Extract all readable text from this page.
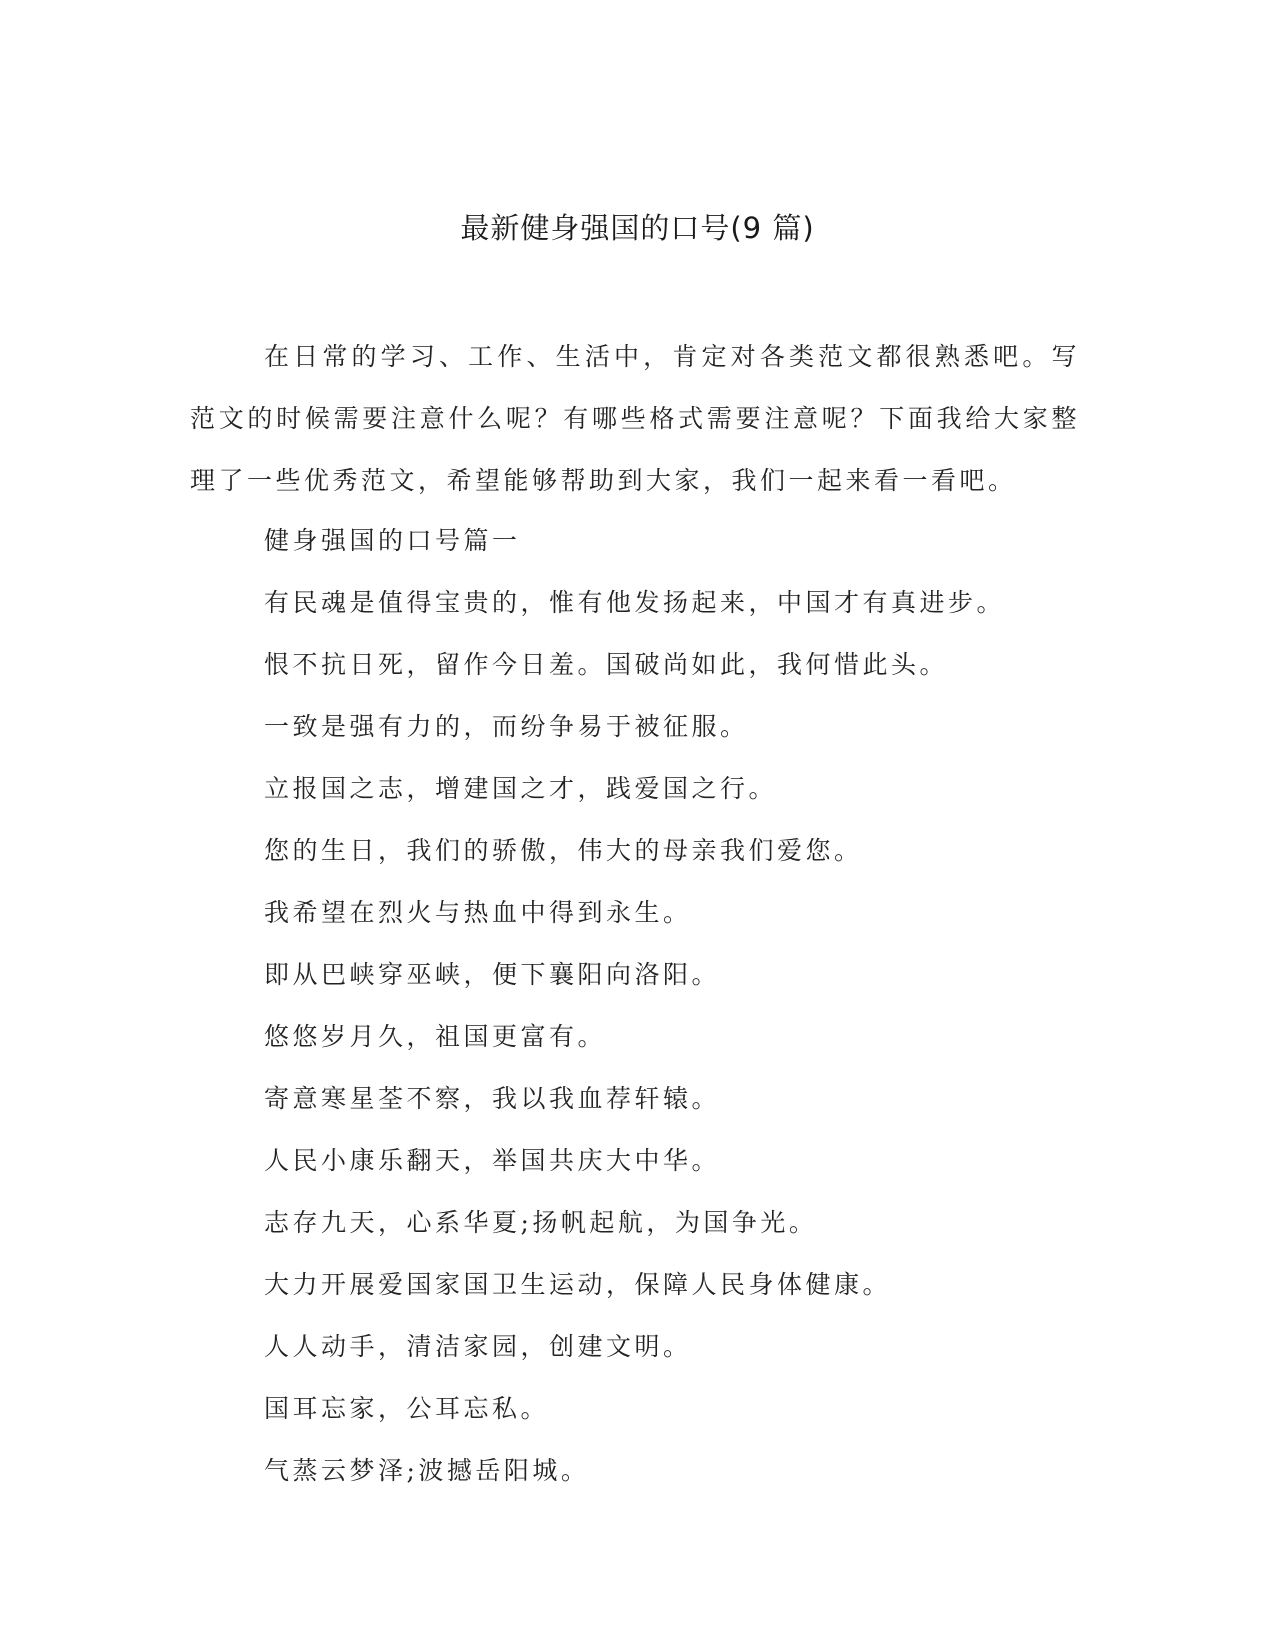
最新健身强国的口号(9 篇)

在日常的学习、工作、生活中，肯定对各类范文都很熟悉吧。写范文的时候需要注意什么呢？有哪些格式需要注意呢？下面我给大家整理了一些优秀范文，希望能够帮助到大家，我们一起来看一看吧。

健身强国的口号篇一
有民魂是值得宝贵的，惟有他发扬起来，中国才有真进步。
恨不抗日死，留作今日羞。国破尚如此，我何惜此头。
一致是强有力的，而纷争易于被征服。
立报国之志，增建国之才，践爱国之行。
您的生日，我们的骄傲，伟大的母亲我们爱您。
我希望在烈火与热血中得到永生。
即从巴峡穿巫峡，便下襄阳向洛阳。
悠悠岁月久，祖国更富有。
寄意寒星荃不察，我以我血荐轩辕。
人民小康乐翻天，举国共庆大中华。
志存九天，心系华夏;扬帆起航，为国争光。
大力开展爱国家国卫生运动，保障人民身体健康。
人人动手，清洁家园，创建文明。
国耳忘家，公耳忘私。
气蒸云梦泽;波撼岳阳城。
